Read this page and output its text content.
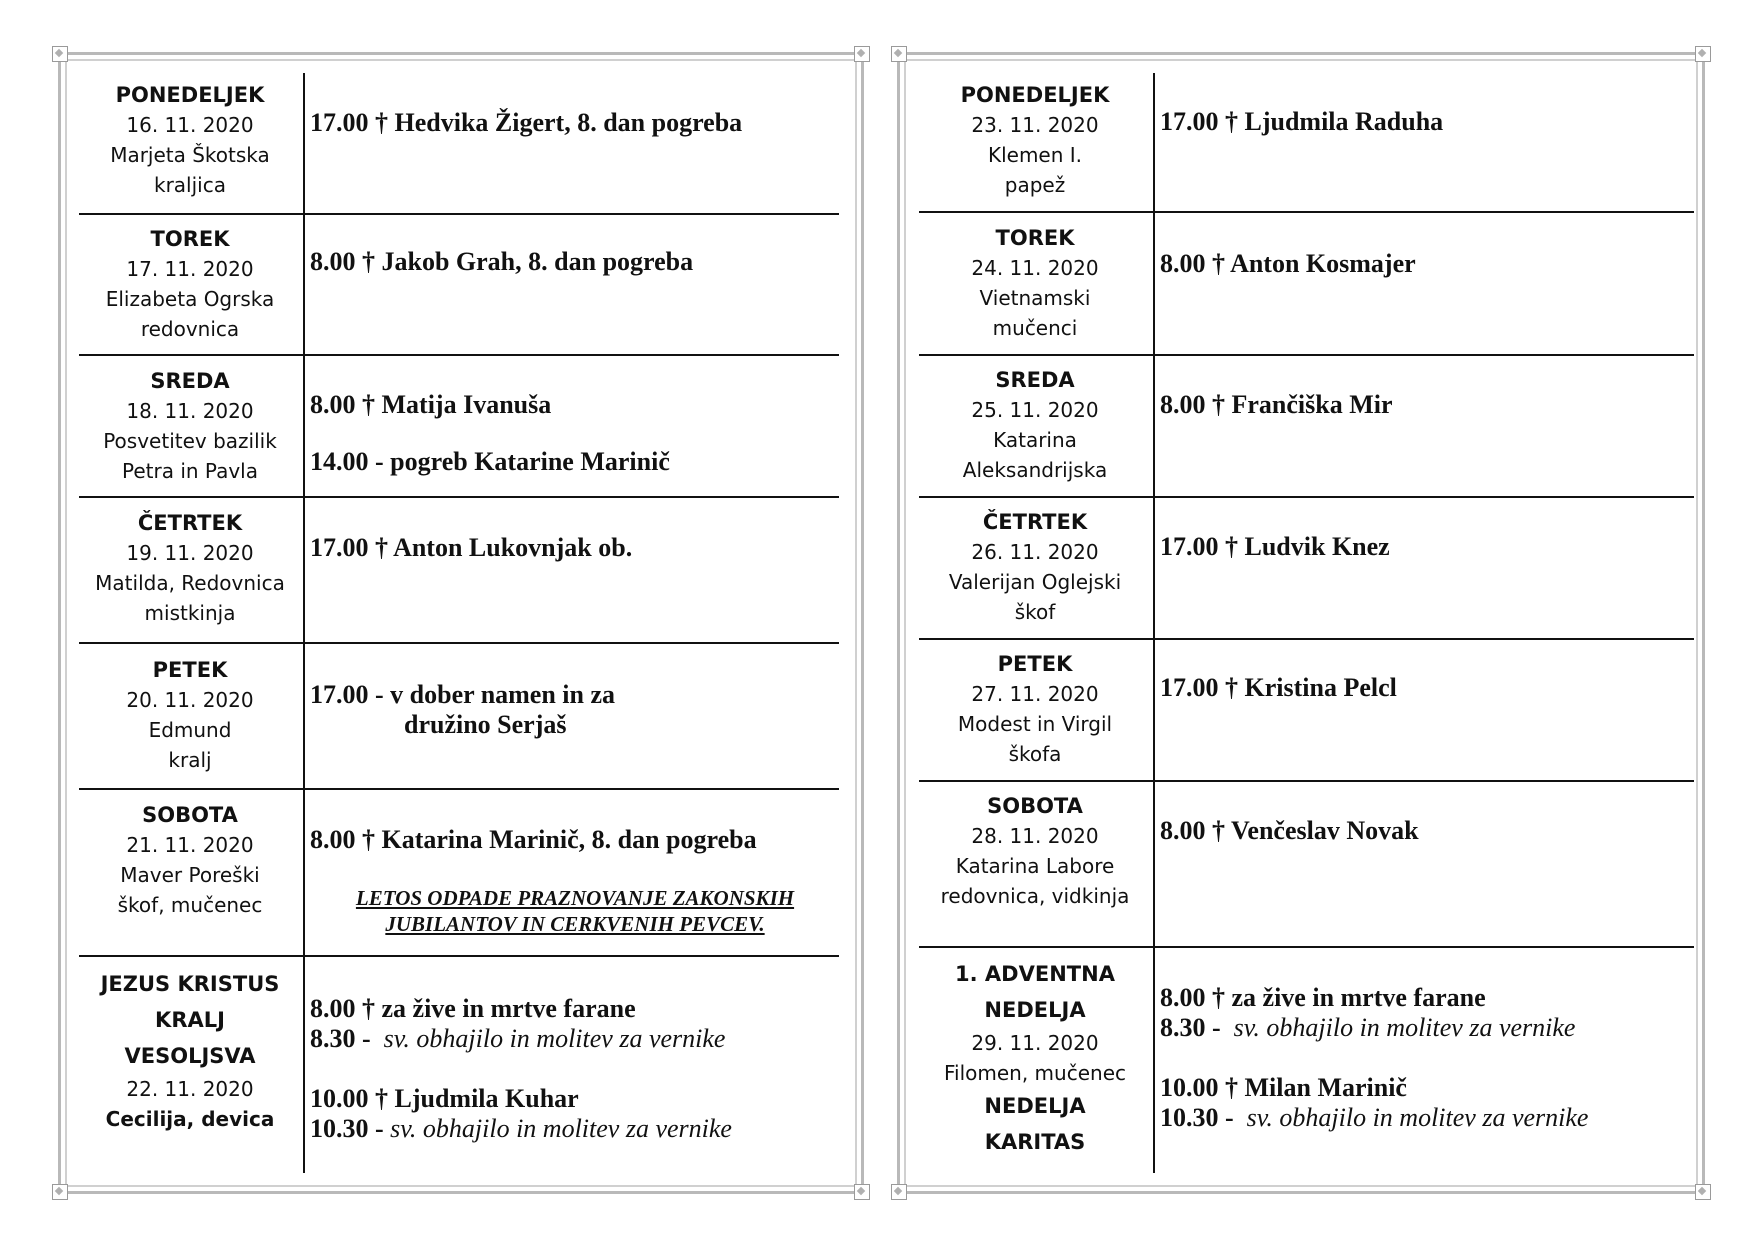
PONEDELJEK
16. 11. 2020
Marjeta Škotska
kraljica
17.00 † Hedvika Žigert, 8. dan pogreba
TOREK
17. 11. 2020
Elizabeta Ogrska
redovnica
8.00 † Jakob Grah, 8. dan pogreba
SREDA
18. 11. 2020
Posvetitev bazilik
Petra in Pavla
8.00 † Matija Ivanuša
14.00 - pogreb Katarine Marinič
ČETRTEK
19. 11. 2020
Matilda, Redovnica
mistkinja
17.00 † Anton Lukovnjak ob.
PETEK
20. 11. 2020
Edmund
kralj
17.00 - v dober namen in za
družino Serjaš
SOBOTA
21. 11. 2020
Maver Poreški
škof, mučenec
8.00 † Katarina Marinič, 8. dan pogreba
LETOS ODPADE PRAZNOVANJE ZAKONSKIH
JUBILANTOV IN CERKVENIH PEVCEV.
JEZUS KRISTUS
KRALJ
VESOLJSVA
22. 11. 2020
Cecilija, devica
8.00 † za žive in mrtve farane
8.30 - sv. obhajilo in molitev za vernike
10.00 † Ljudmila Kuhar
10.30 - sv. obhajilo in molitev za vernike
PONEDELJEK
23. 11. 2020
Klemen I.
papež
17.00 † Ljudmila Raduha
TOREK
24. 11. 2020
Vietnamski
mučenci
8.00 † Anton Kosmajer
SREDA
25. 11. 2020
Katarina
Aleksandrijska
8.00 † Frančiška Mir
ČETRTEK
26. 11. 2020
Valerijan Oglejski
škof
17.00 † Ludvik Knez
PETEK
27. 11. 2020
Modest in Virgil
škofa
17.00 † Kristina Pelcl
SOBOTA
28. 11. 2020
Katarina Labore
redovnica, vidkinja
8.00 † Venčeslav Novak
1. ADVENTNA
NEDELJA
29. 11. 2020
Filomen, mučenec
NEDELJA
KARITAS
8.00 † za žive in mrtve farane
8.30 - sv. obhajilo in molitev za vernike
10.00 † Milan Marinič
10.30 - sv. obhajilo in molitev za vernike
